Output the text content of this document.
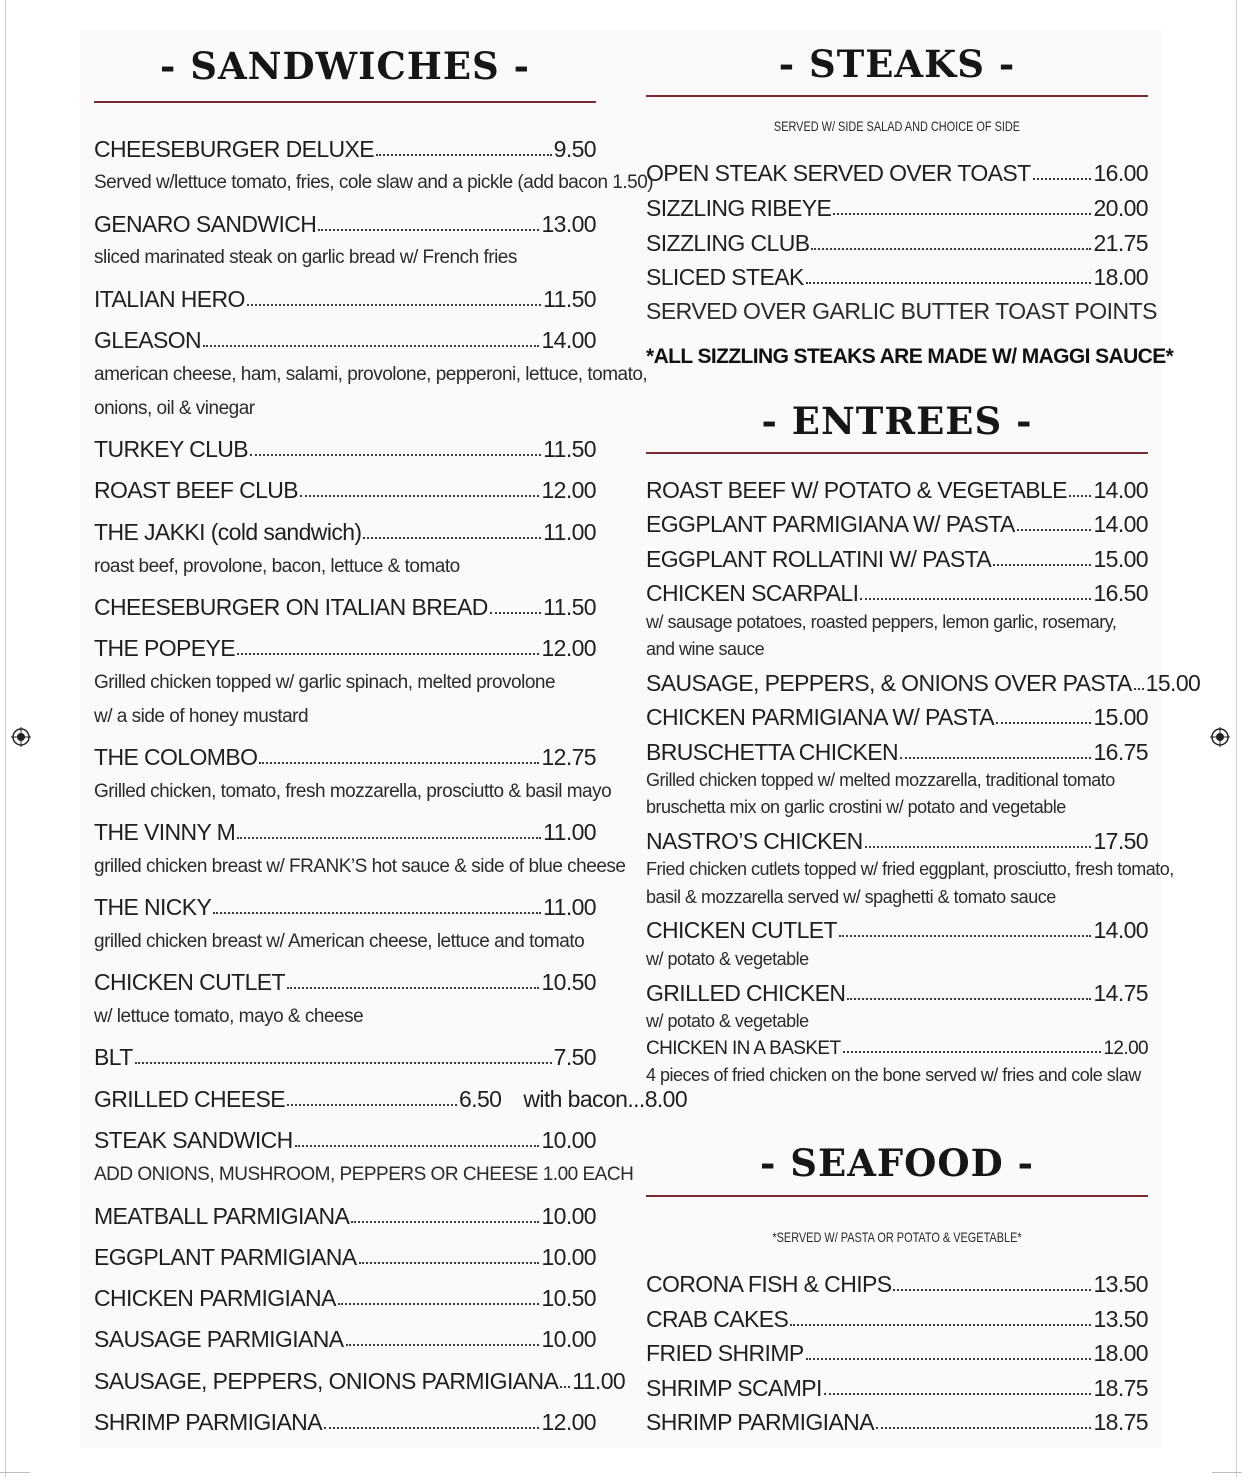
- SANDWICHES -
CHEESEBURGER DELUXE	9.50
Served w/lettuce tomato, fries, cole slaw and a pickle (add bacon 1.50)
GENARO SANDWICH	13.00
sliced marinated steak on garlic bread w/ French fries
ITALIAN HERO	11.50
GLEASON	14.00
american cheese, ham, salami, provolone, pepperoni, lettuce, tomato,
onions, oil & vinegar
TURKEY CLUB	11.50
ROAST BEEF CLUB	12.00
THE JAKKI (cold sandwich)	11.00
roast beef, provolone, bacon, lettuce & tomato
CHEESEBURGER ON ITALIAN BREAD 11.50
THE POPEYE	12.00
Grilled chicken topped w/ garlic spinach, melted provolone
w/ a side of honey mustard
THE COLOMBO	12.75
Grilled chicken, tomato, fresh mozzarella, prosciutto & basil mayo
THE VINNY M	11.00
grilled chicken breast w/ FRANK’S hot sauce & side of blue cheese
THE NICKY	11.00
grilled chicken breast w/ American cheese, lettuce and tomato
CHICKEN CUTLET	10.50
w/ lettuce tomato, mayo & cheese
BLT	7.50
GRILLED CHEESE	6.50 with bacon...8.00
STEAK SANDWICH	10.00
ADD ONIONS, MUSHROOM, PEPPERS OR CHEESE 1.00 EACH
MEATBALL PARMIGIANA	10.00
EGGPLANT PARMIGIANA	10.00
CHICKEN PARMIGIANA	10.50
SAUSAGE PARMIGIANA	10.00
SAUSAGE, PEPPERS, ONIONS PARMIGIANA 11.00
SHRIMP PARMIGIANA	12.00
- STEAKS -
SERVED W/ SIDE SALAD AND CHOICE OF SIDE
OPEN STEAK SERVED OVER TOAST	16.00
SIZZLING RIBEYE	20.00
SIZZLING CLUB	21.75
SLICED STEAK	18.00
SERVED OVER GARLIC BUTTER TOAST POINTS
*ALL SIZZLING STEAKS ARE MADE W/ MAGGI SAUCE*
- ENTREES -
ROAST BEEF W/ POTATO & VEGETABLE 14.00
EGGPLANT PARMIGIANA W/ PASTA	14.00
EGGPLANT ROLLATINI W/ PASTA	15.00
CHICKEN SCARPALI	16.50
w/ sausage potatoes, roasted peppers, lemon garlic, rosemary,
and wine sauce
SAUSAGE, PEPPERS, & ONIONS OVER PASTA 15.00
CHICKEN PARMIGIANA W/ PASTA	15.00
BRUSCHETTA CHICKEN	16.75
Grilled chicken topped w/ melted mozzarella, traditional tomato
bruschetta mix on garlic crostini w/ potato and vegetable
NASTRO’S CHICKEN	17.50
Fried chicken cutlets topped w/ fried eggplant, prosciutto, fresh tomato,
basil & mozzarella served w/ spaghetti & tomato sauce
CHICKEN CUTLET	14.00
w/ potato & vegetable
GRILLED CHICKEN	14.75
w/ potato & vegetable
CHICKEN IN A BASKET	12.00
4 pieces of fried chicken on the bone served w/ fries and cole slaw
- SEAFOOD -
*SERVED W/ PASTA OR POTATO & VEGETABLE*
CORONA FISH & CHIPS	13.50
CRAB CAKES	13.50
FRIED SHRIMP	18.00
SHRIMP SCAMPI	18.75
SHRIMP PARMIGIANA	18.75
